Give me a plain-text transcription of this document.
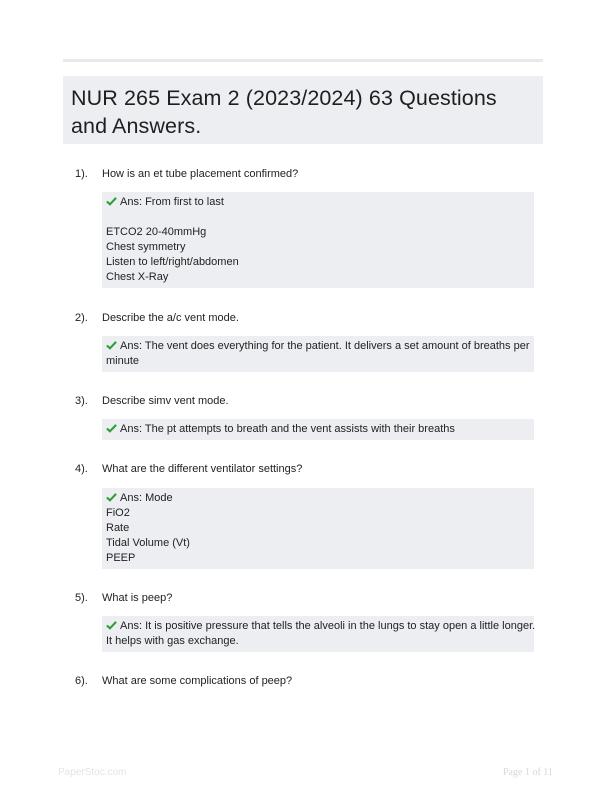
NUR 265 Exam 2 (2023/2024) 63 Questions and Answers.
1). How is an et tube placement confirmed?
Ans: From first to last
ETCO2 20-40mmHg
Chest symmetry
Listen to left/right/abdomen
Chest X-Ray
2). Describe the a/c vent mode.
Ans: The vent does everything for the patient. It delivers a set amount of breaths per
minute
3). Describe simv vent mode.
Ans: The pt attempts to breath and the vent assists with their breaths
4). What are the different ventilator settings?
Ans: Mode
FiO2
Rate
Tidal Volume (Vt)
PEEP
5). What is peep?
Ans: It is positive pressure that tells the alveoli in the lungs to stay open a little longer.
It helps with gas exchange.
6). What are some complications of peep?
PaperStoc.com	Page 1 of 11
